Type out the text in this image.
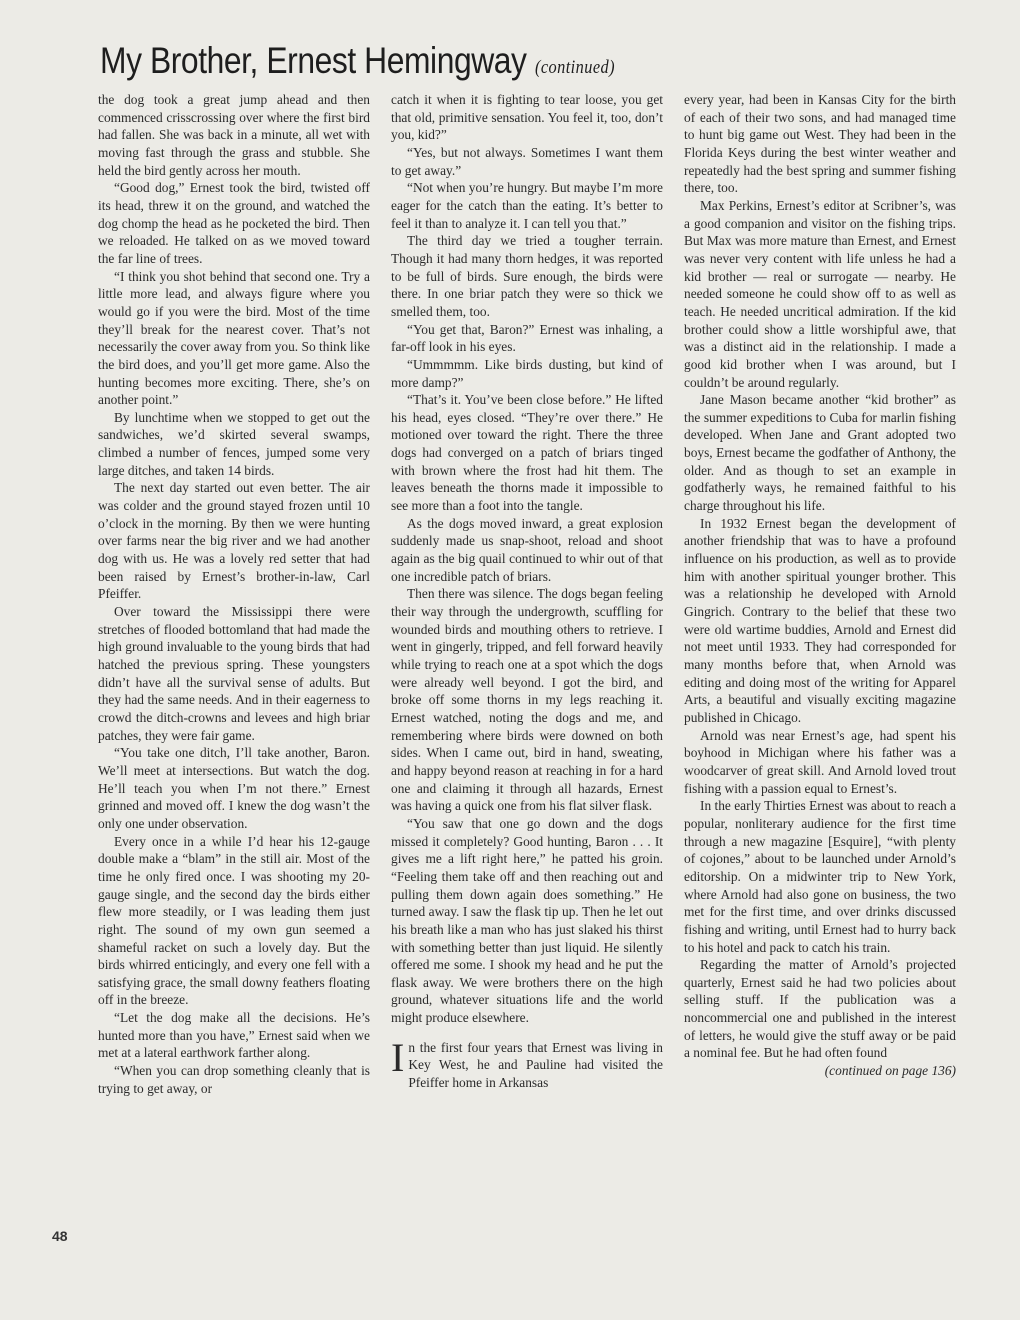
My Brother, Ernest Hemingway (continued)

the dog took a great jump ahead and then commenced crisscrossing over where the first bird had fallen. She was back in a minute, all wet with moving fast through the grass and stubble. She held the bird gently across her mouth.

“Good dog,” Ernest took the bird, twisted off its head, threw it on the ground, and watched the dog chomp the head as he pocketed the bird. Then we reloaded. He talked on as we moved toward the far line of trees.

“I think you shot behind that second one. Try a little more lead, and always figure where you would go if you were the bird. Most of the time they’ll break for the nearest cover. That’s not necessarily the cover away from you. So think like the bird does, and you’ll get more game. Also the hunting becomes more exciting. There, she’s on another point.”

By lunchtime when we stopped to get out the sandwiches, we’d skirted several swamps, climbed a number of fences, jumped some very large ditches, and taken 14 birds.

The next day started out even better. The air was colder and the ground stayed frozen until 10 o’clock in the morning. By then we were hunting over farms near the big river and we had another dog with us. He was a lovely red setter that had been raised by Ernest’s brother-in-law, Carl Pfeiffer.

Over toward the Mississippi there were stretches of flooded bottomland that had made the high ground invaluable to the young birds that had hatched the previous spring. These youngsters didn’t have all the survival sense of adults. But they had the same needs. And in their eagerness to crowd the ditch-crowns and levees and high briar patches, they were fair game.

“You take one ditch, I’ll take another, Baron. We’ll meet at intersections. But watch the dog. He’ll teach you when I’m not there.” Ernest grinned and moved off. I knew the dog wasn’t the only one under observation.

Every once in a while I’d hear his 12-gauge double make a “blam” in the still air. Most of the time he only fired once. I was shooting my 20-gauge single, and the second day the birds either flew more steadily, or I was leading them just right. The sound of my own gun seemed a shameful racket on such a lovely day. But the birds whirred enticingly, and every one fell with a satisfying grace, the small downy feathers floating off in the breeze.

“Let the dog make all the decisions. He’s hunted more than you have,” Ernest said when we met at a lateral earthwork farther along.

“When you can drop something cleanly that is trying to get away, or

catch it when it is fighting to tear loose, you get that old, primitive sensation. You feel it, too, don’t you, kid?”

“Yes, but not always. Sometimes I want them to get away.”

“Not when you’re hungry. But maybe I’m more eager for the catch than the eating. It’s better to feel it than to analyze it. I can tell you that.”

The third day we tried a tougher terrain. Though it had many thorn hedges, it was reported to be full of birds. Sure enough, the birds were there. In one briar patch they were so thick we smelled them, too.

“You get that, Baron?” Ernest was inhaling, a far-off look in his eyes.

“Ummmmm. Like birds dusting, but kind of more damp?”

“That’s it. You’ve been close before.” He lifted his head, eyes closed. “They’re over there.” He motioned over toward the right. There the three dogs had converged on a patch of briars tinged with brown where the frost had hit them. The leaves beneath the thorns made it impossible to see more than a foot into the tangle.

As the dogs moved inward, a great explosion suddenly made us snap-shoot, reload and shoot again as the big quail continued to whir out of that one incredible patch of briars.

Then there was silence. The dogs began feeling their way through the undergrowth, scuffling for wounded birds and mouthing others to retrieve. I went in gingerly, tripped, and fell forward heavily while trying to reach one at a spot which the dogs were already well beyond. I got the bird, and broke off some thorns in my legs reaching it. Ernest watched, noting the dogs and me, and remembering where birds were downed on both sides. When I came out, bird in hand, sweating, and happy beyond reason at reaching in for a hard one and claiming it through all hazards, Ernest was having a quick one from his flat silver flask.

“You saw that one go down and the dogs missed it completely? Good hunting, Baron . . . It gives me a lift right here,” he patted his groin. “Feeling them take off and then reaching out and pulling them down again does something.” He turned away. I saw the flask tip up. Then he let out his breath like a man who has just slaked his thirst with something better than just liquid. He silently offered me some. I shook my head and he put the flask away. We were brothers there on the high ground, whatever situations life and the world might produce elsewhere.

In the first four years that Ernest was living in Key West, he and Pauline had visited the Pfeiffer home in Arkansas

every year, had been in Kansas City for the birth of each of their two sons, and had managed time to hunt big game out West. They had been in the Florida Keys during the best winter weather and repeatedly had the best spring and summer fishing there, too.

Max Perkins, Ernest’s editor at Scribner’s, was a good companion and visitor on the fishing trips. But Max was more mature than Ernest, and Ernest was never very content with life unless he had a kid brother — real or surrogate — nearby. He needed someone he could show off to as well as teach. He needed uncritical admiration. If the kid brother could show a little worshipful awe, that was a distinct aid in the relationship. I made a good kid brother when I was around, but I couldn’t be around regularly.

Jane Mason became another “kid brother” as the summer expeditions to Cuba for marlin fishing developed. When Jane and Grant adopted two boys, Ernest became the godfather of Anthony, the older. And as though to set an example in godfatherly ways, he remained faithful to his charge throughout his life.

In 1932 Ernest began the development of another friendship that was to have a profound influence on his production, as well as to provide him with another spiritual younger brother. This was a relationship he developed with Arnold Gingrich. Contrary to the belief that these two were old wartime buddies, Arnold and Ernest did not meet until 1933. They had corresponded for many months before that, when Arnold was editing and doing most of the writing for Apparel Arts, a beautiful and visually exciting magazine published in Chicago.

Arnold was near Ernest’s age, had spent his boyhood in Michigan where his father was a woodcarver of great skill. And Arnold loved trout fishing with a passion equal to Ernest’s.

In the early Thirties Ernest was about to reach a popular, nonliterary audience for the first time through a new magazine [Esquire], “with plenty of cojones,” about to be launched under Arnold’s editorship. On a midwinter trip to New York, where Arnold had also gone on business, the two met for the first time, and over drinks discussed fishing and writing, until Ernest had to hurry back to his hotel and pack to catch his train.

Regarding the matter of Arnold’s projected quarterly, Ernest said he had two policies about selling stuff. If the publication was a noncommercial one and published in the interest of letters, he would give the stuff away or be paid a nominal fee. But he had often found

(continued on page 136)

48
